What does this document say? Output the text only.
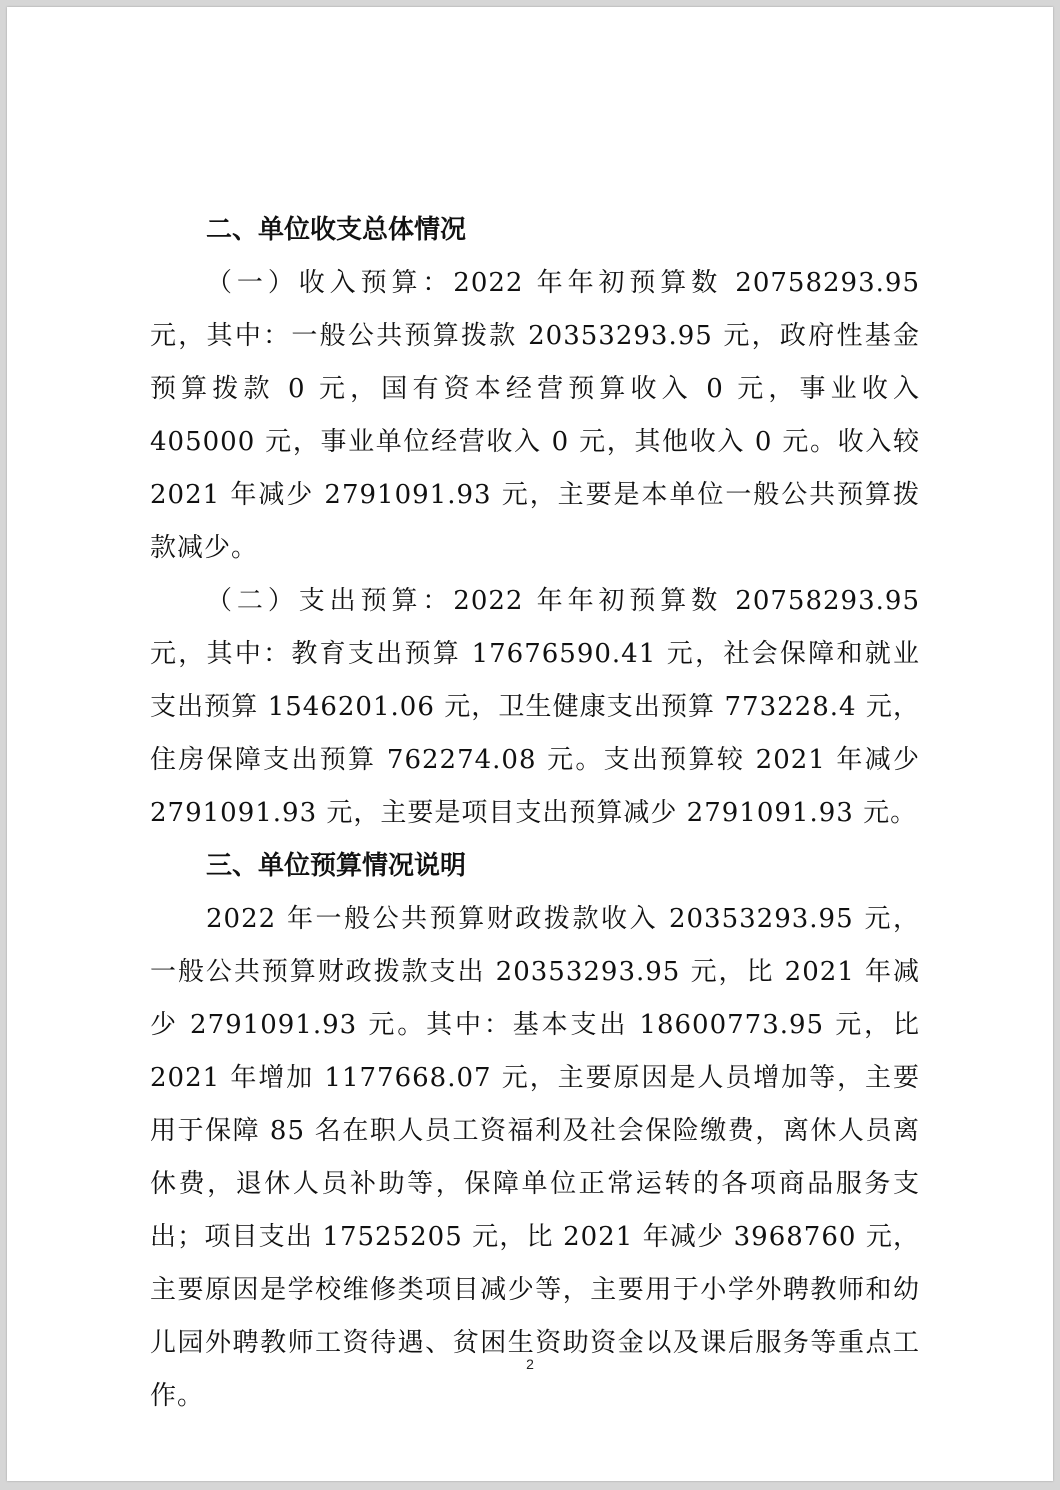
二、单位收支总体情况

（一）收入预算：2022 年年初预算数 20758293.95 元，其中：一般公共预算拨款 20353293.95 元，政府性基金预算拨款 0 元，国有资本经营预算收入 0 元，事业收入 405000 元，事业单位经营收入 0 元，其他收入 0 元。收入较 2021 年减少 2791091.93 元，主要是本单位一般公共预算拨款减少。

（二）支出预算：2022 年年初预算数 20758293.95 元，其中：教育支出预算 17676590.41 元，社会保障和就业支出预算 1546201.06 元，卫生健康支出预算 773228.4 元，住房保障支出预算 762274.08 元。支出预算较 2021 年减少 2791091.93 元，主要是项目支出预算减少 2791091.93 元。

三、单位预算情况说明

2022 年一般公共预算财政拨款收入 20353293.95 元，一般公共预算财政拨款支出 20353293.95 元，比 2021 年减少 2791091.93 元。其中：基本支出 18600773.95 元，比 2021 年增加 1177668.07 元，主要原因是人员增加等，主要用于保障 85 名在职人员工资福利及社会保险缴费，离休人员离休费，退休人员补助等，保障单位正常运转的各项商品服务支出；项目支出 17525205 元，比 2021 年减少 3968760 元，主要原因是学校维修类项目减少等，主要用于小学外聘教师和幼儿园外聘教师工资待遇、贫困生资助资金以及课后服务等重点工作。

2
